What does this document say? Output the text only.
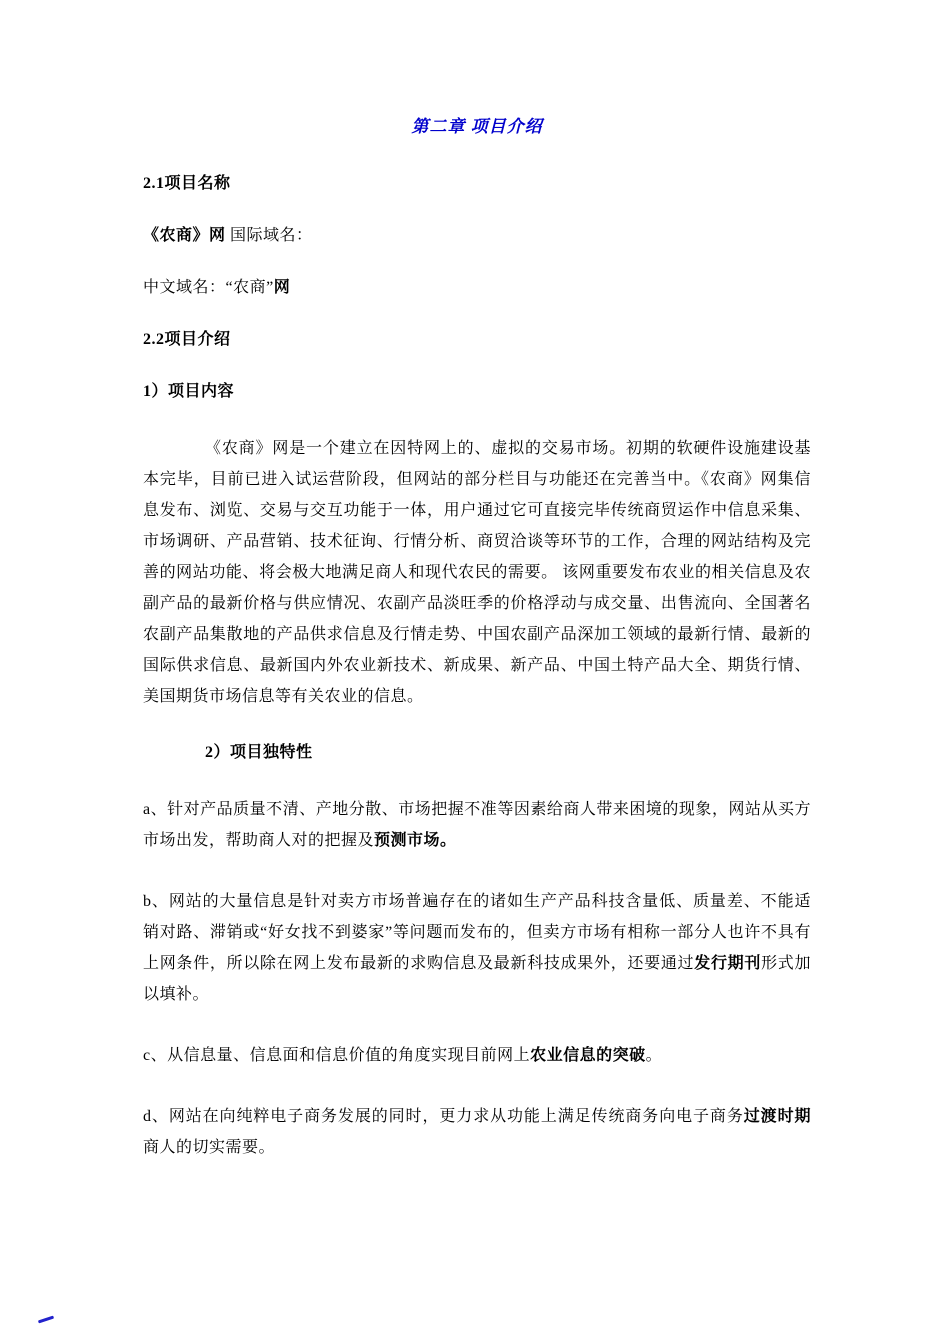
第二章 项目介绍

2.1项目名称

《农商》网 国际域名：

中文域名：“农商”网

2.2项目介绍

1）项目内容

《农商》网是一个建立在因特网上的、虚拟的交易市场。初期的软硬件设施建设基本完毕，目前已进入试运营阶段，但网站的部分栏目与功能还在完善当中。《农商》网集信息发布、浏览、交易与交互功能于一体，用户通过它可直接完毕传统商贸运作中信息采集、市场调研、产品营销、技术征询、行情分析、商贸洽谈等环节的工作，合理的网站结构及完善的网站功能、将会极大地满足商人和现代农民的需要。 该网重要发布农业的相关信息及农副产品的最新价格与供应情况、农副产品淡旺季的价格浮动与成交量、出售流向、全国著名农副产品集散地的产品供求信息及行情走势、中国农副产品深加工领域的最新行情、最新的国际供求信息、最新国内外农业新技术、新成果、新产品、中国土特产品大全、期货行情、美国期货市场信息等有关农业的信息。

2）项目独特性

a、针对产品质量不清、产地分散、市场把握不准等因素给商人带来困境的现象，网站从买方市场出发，帮助商人对的把握及预测市场。

b、网站的大量信息是针对卖方市场普遍存在的诸如生产产品科技含量低、质量差、不能适销对路、滞销或“好女找不到婆家”等问题而发布的，但卖方市场有相称一部分人也许不具有上网条件，所以除在网上发布最新的求购信息及最新科技成果外，还要通过发行期刊形式加以填补。

c、从信息量、信息面和信息价值的角度实现目前网上农业信息的突破。

d、网站在向纯粹电子商务发展的同时，更力求从功能上满足传统商务向电子商务过渡时期商人的切实需要。
